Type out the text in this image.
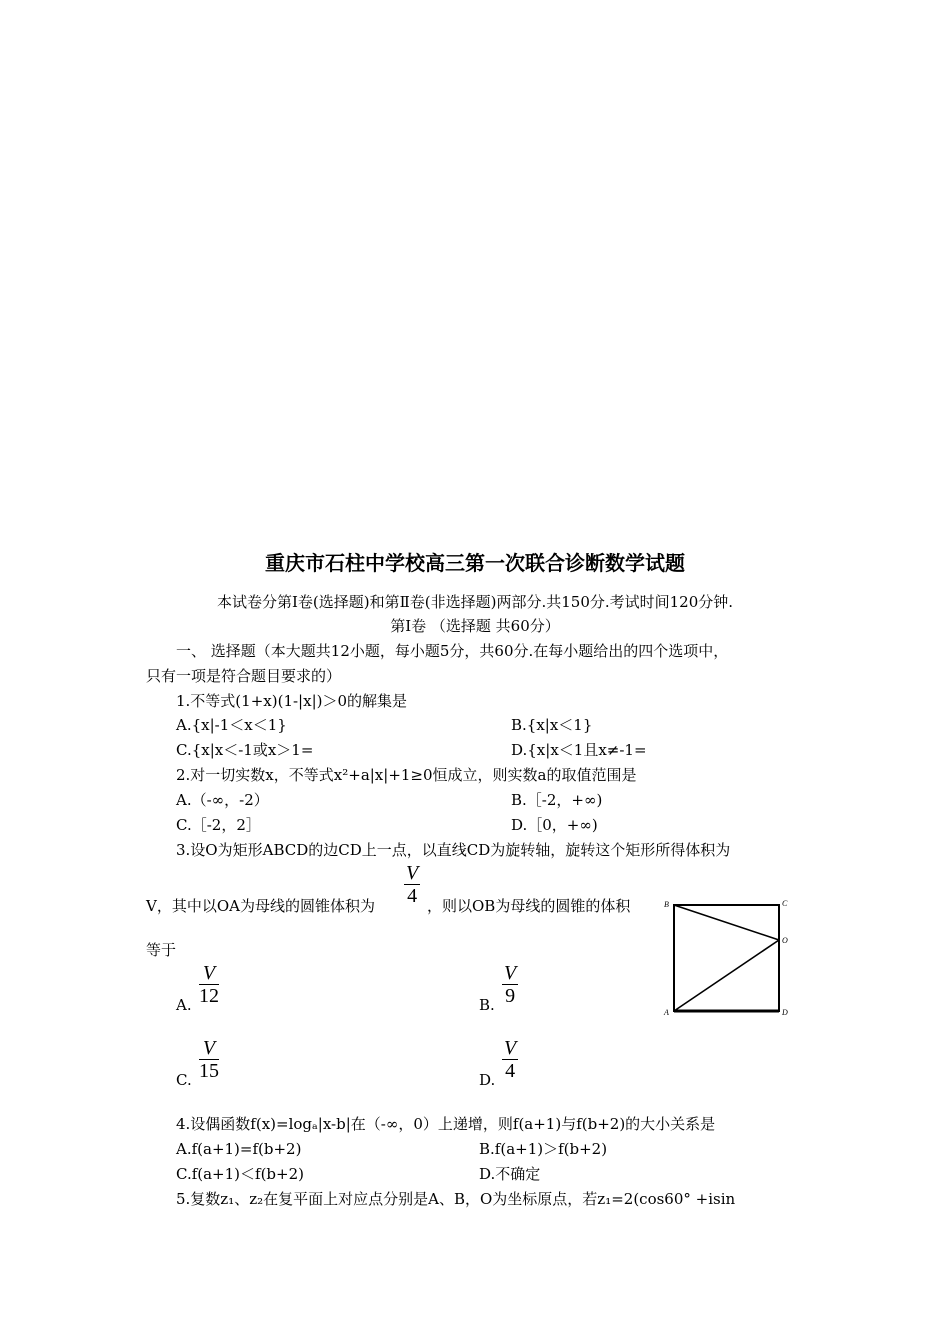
重庆市石柱中学校高三第一次联合诊断数学试题
本试卷分第Ⅰ卷(选择题)和第Ⅱ卷(非选择题)两部分.共150分.考试时间120分钟.
第Ⅰ卷 （选择题 共60分）
一、 选择题（本大题共12小题，每小题5分，共60分.在每小题给出的四个选项中，
只有一项是符合题目要求的）
1.不等式(1+x)(1-|x|)＞0的解集是
A.{x|-1＜x＜1}	B.{x|x＜1}
C.{x|x＜-1或x＞1=	D.{x|x＜1且x≠-1=
2.对一切实数x，不等式x²+a|x|+1≥0恒成立，则实数a的取值范围是
A.（-∞，-2）	B.［-2，+∞)
C.［-2，2］	D.［0，+∞)
3.设O为矩形ABCD的边CD上一点，以直线CD为旋转轴，旋转这个矩形所得体积为
V，其中以OA为母线的圆锥体积为
V
4 ，则以OB为母线的圆锥的体积
等于
A.
V
12	B.
V
9
C.
V
15	D.
V
4
B	C
O
A	D
4.设偶函数f(x)=logₐ|x-b|在（-∞，0）上递增，则f(a+1)与f(b+2)的大小关系是
A.f(a+1)=f(b+2)	B.f(a+1)＞f(b+2)
C.f(a+1)＜f(b+2)	D.不确定
5.复数z₁、z₂在复平面上对应点分别是A、B，O为坐标原点，若z₁=2(cos60° +isin
